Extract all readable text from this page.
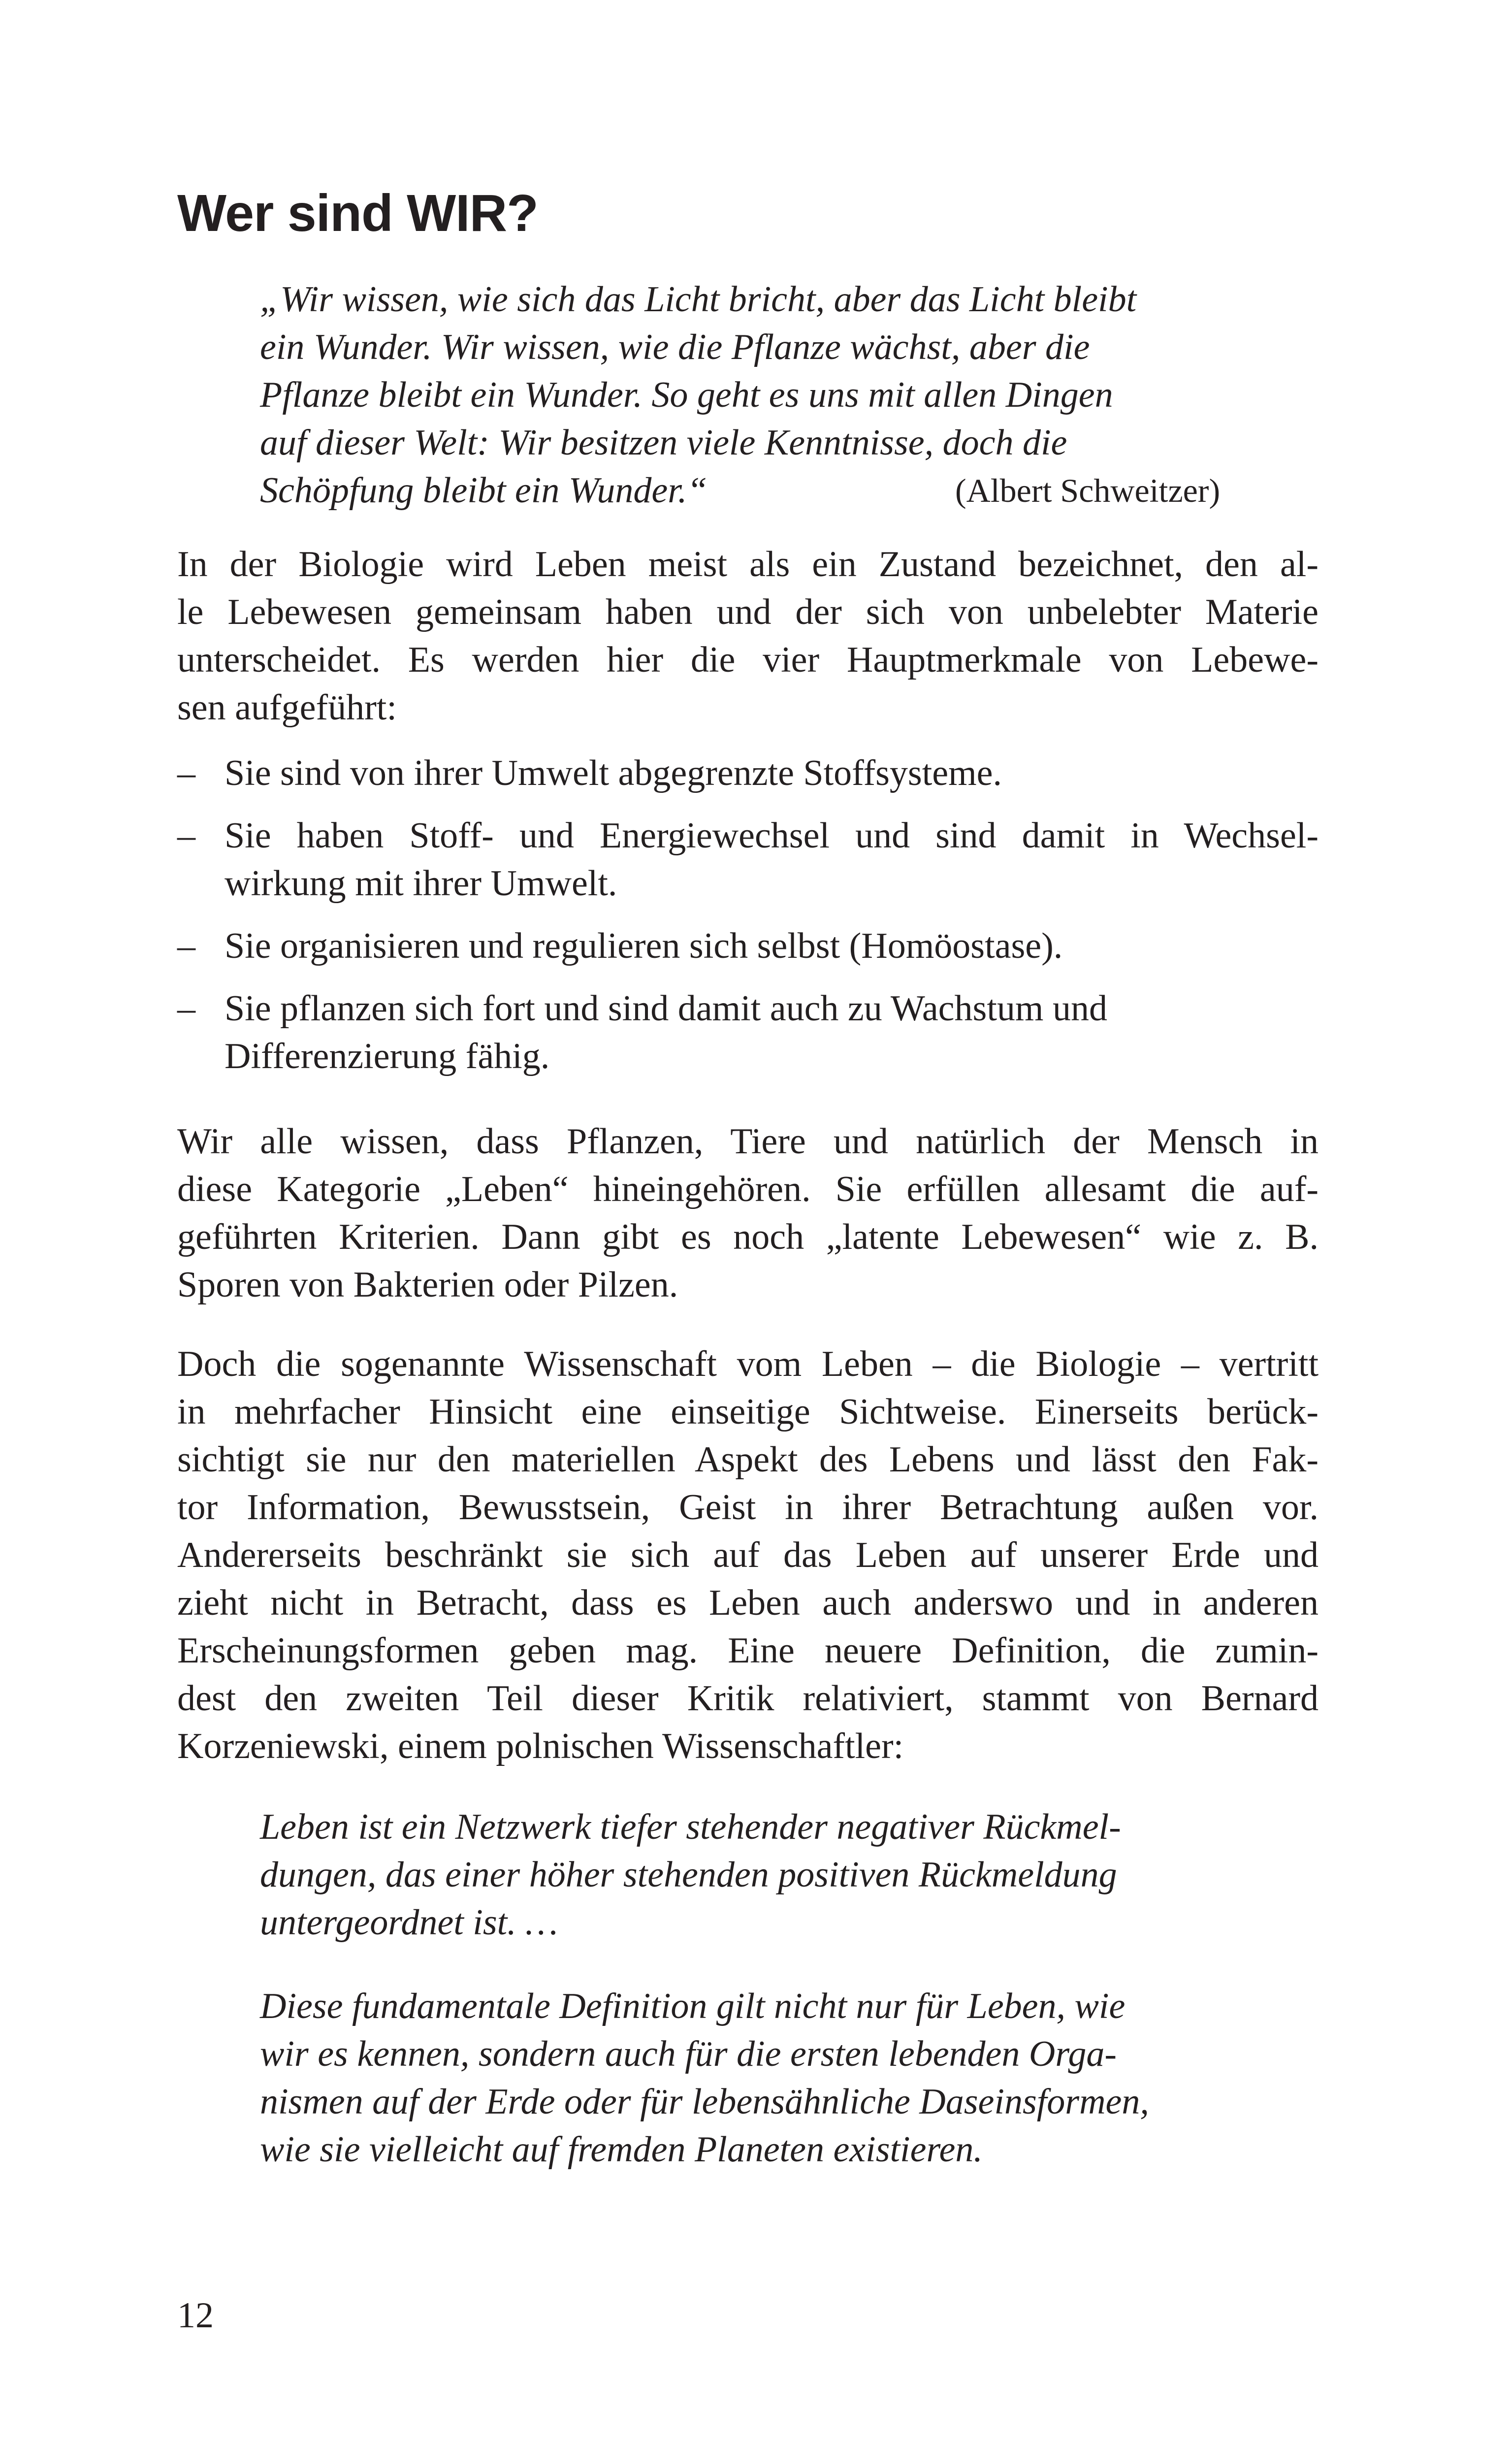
Wer sind WIR?
„Wir wissen, wie sich das Licht bricht, aber das Licht bleibt
ein Wunder. Wir wissen, wie die Pflanze wächst, aber die
Pflanze bleibt ein Wunder. So geht es uns mit allen Dingen
auf dieser Welt: Wir besitzen viele Kenntnisse, doch die
Schöpfung bleibt ein Wunder.“	(Albert Schweitzer)
In der Biologie wird Leben meist als ein Zustand bezeichnet, den al-
le Lebewesen gemeinsam haben und der sich von unbelebter Materie
unterscheidet. Es werden hier die vier Hauptmerkmale von Lebewe-
sen aufgeführt:
– Sie sind von ihrer Umwelt abgegrenzte Stoffsysteme.
– Sie haben Stoff- und Energiewechsel und sind damit in Wechsel-
wirkung mit ihrer Umwelt.
– Sie organisieren und regulieren sich selbst (Homöostase).
– Sie pflanzen sich fort und sind damit auch zu Wachstum und
Differenzierung fähig.
Wir alle wissen, dass Pflanzen, Tiere und natürlich der Mensch in
diese Kategorie „Leben“ hineingehören. Sie erfüllen allesamt die auf-
geführten Kriterien. Dann gibt es noch „latente Lebewesen“ wie z. B.
Sporen von Bakterien oder Pilzen.
Doch die sogenannte Wissenschaft vom Leben – die Biologie – vertritt
in mehrfacher Hinsicht eine einseitige Sichtweise. Einerseits berück-
sichtigt sie nur den materiellen Aspekt des Lebens und lässt den Fak-
tor Information, Bewusstsein, Geist in ihrer Betrachtung außen vor.
Andererseits beschränkt sie sich auf das Leben auf unserer Erde und
zieht nicht in Betracht, dass es Leben auch anderswo und in anderen
Erscheinungsformen geben mag. Eine neuere Definition, die zumin-
dest den zweiten Teil dieser Kritik relativiert, stammt von Bernard
Korzeniewski, einem polnischen Wissenschaftler:
Leben ist ein Netzwerk tiefer stehender negativer Rückmel-
dungen, das einer höher stehenden positiven Rückmeldung
untergeordnet ist. …
Diese fundamentale Definition gilt nicht nur für Leben, wie
wir es kennen, sondern auch für die ersten lebenden Orga-
nismen auf der Erde oder für lebensähnliche Daseinsformen,
wie sie vielleicht auf fremden Planeten existieren.
12
